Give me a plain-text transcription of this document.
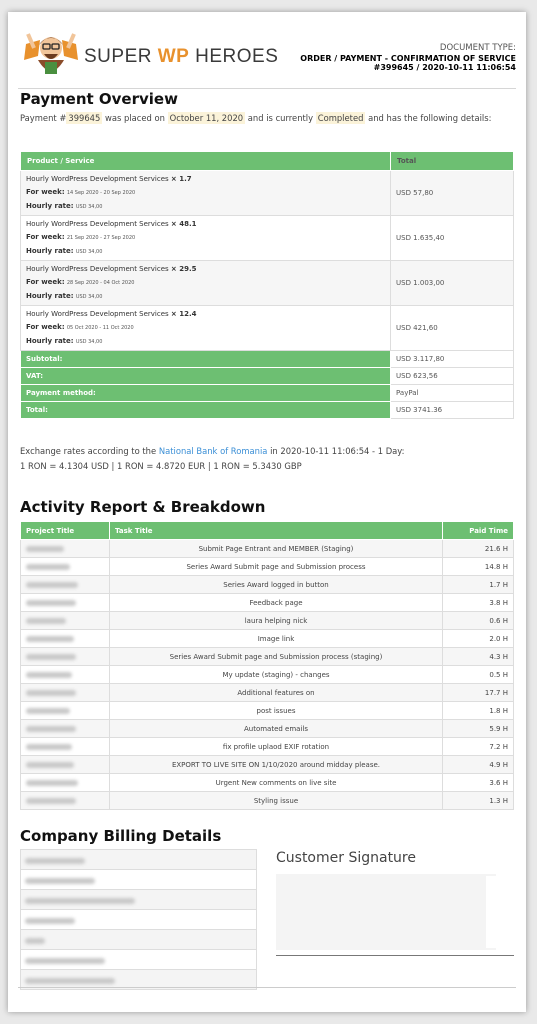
SUPER WP HEROES	DOCUMENT TYPE:
ORDER / PAYMENT - CONFIRMATION OF SERVICE
#399645 / 2020-10-11 11:06:54
Payment Overview
Payment # 399645 was placed on October 11, 2020 and is currently Completed and has the following details:
Product / Service	Total
Hourly WordPress Development Services × 1.7
For week: 14 Sep 2020 - 20 Sep 2020
Hourly rate: USD 34,00	USD 57,80
Hourly WordPress Development Services × 48.1
For week: 21 Sep 2020 - 27 Sep 2020
Hourly rate: USD 34,00	USD 1.635,40
Hourly WordPress Development Services × 29.5
For week: 28 Sep 2020 - 04 Oct 2020
Hourly rate: USD 34,00	USD 1.003,00
Hourly WordPress Development Services × 12.4
For week: 05 Oct 2020 - 11 Oct 2020
Hourly rate: USD 34,00	USD 421,60
Subtotal:	USD 3.117,80
VAT:	USD 623,56
Payment method:	PayPal
Total:	USD 3741.36
Exchange rates according to the National Bank of Romania in 2020-10-11 11:06:54 - 1 Day:
1 RON = 4.1304 USD | 1 RON = 4.8720 EUR | 1 RON = 5.3430 GBP
Activity Report & Breakdown
Project Title	Task Title	Paid Time
	Submit Page Entrant and MEMBER (Staging)	21.6 H
	Series Award Submit page and Submission process	14.8 H
	Series Award logged in button	1.7 H
	Feedback page	3.8 H
	laura helping nick	0.6 H
	Image link	2.0 H
	Series Award Submit page and Submission process (staging)	4.3 H
	My update (staging) - changes	0.5 H
	Additional features on	17.7 H
	post issues	1.8 H
	Automated emails	5.9 H
	fix profile uplaod EXIF rotation	7.2 H
	EXPORT TO LIVE SITE ON 1/10/2020 around midday please.	4.9 H
	Urgent New comments on live site	3.6 H
	Styling issue	1.3 H
Company Billing Details

Customer Signature
